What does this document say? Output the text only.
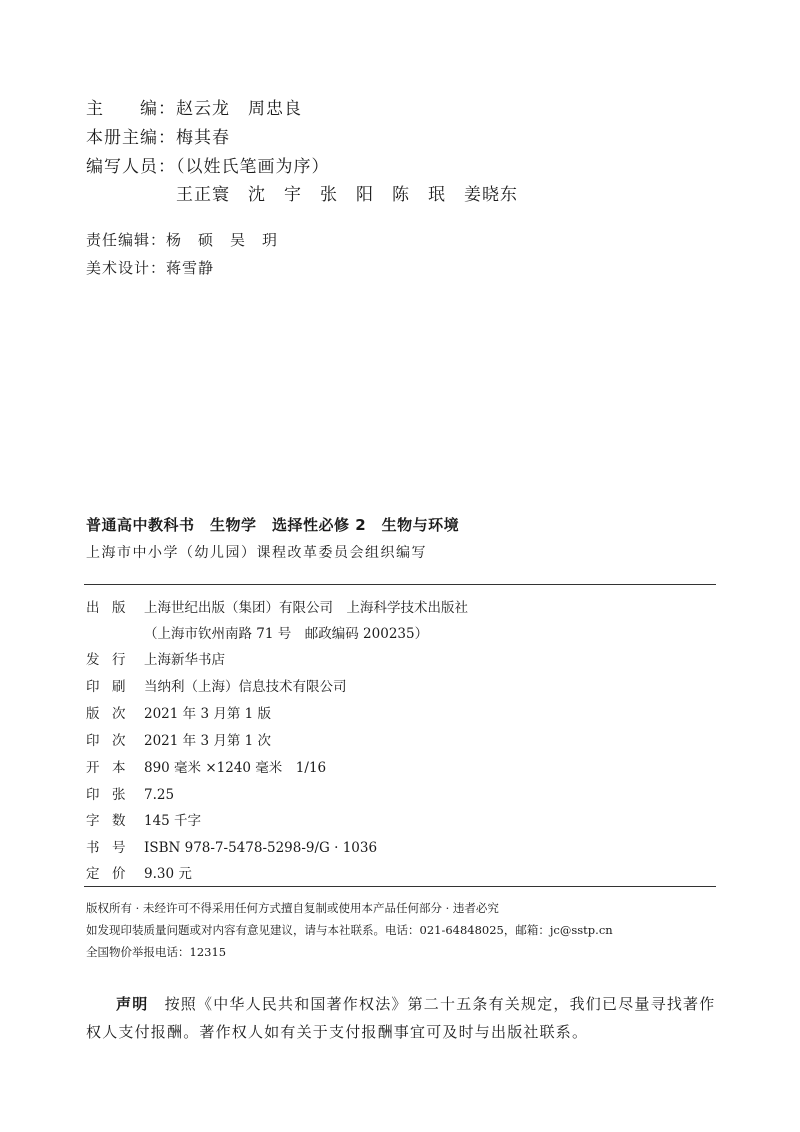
主　　编：赵云龙　周忠良
本册主编：梅其春
编写人员：（以姓氏笔画为序）
王正寰　沈　宇　张　阳　陈　珉　姜晓东
责任编辑：杨　硕　吴　玥
美术设计：蒋雪静
普通高中教科书　生物学　选择性必修 2　生物与环境
上海市中小学（幼儿园）课程改革委员会组织编写
出 版 上海世纪出版（集团）有限公司　上海科学技术出版社
（上海市钦州南路 71 号　邮政编码 200235）
发 行 上海新华书店
印 刷 当纳利（上海）信息技术有限公司
版 次 2021 年 3 月第 1 版
印 次 2021 年 3 月第 1 次
开 本 890 毫米 ×1240 毫米　1/16
印 张 7.25
字 数 145 千字
书 号 ISBN 978-7-5478-5298-9/G · 1036
定 价 9.30 元
版权所有 · 未经许可不得采用任何方式擅自复制或使用本产品任何部分 · 违者必究
如发现印装质量问题或对内容有意见建议，请与本社联系。电话：021-64848025，邮箱：jc@sstp.cn
全国物价举报电话：12315
声明　 按照《中华人民共和国著作权法》第二十五条有关规定，我们已尽量寻找著作
权人支付报酬。著作权人如有关于支付报酬事宜可及时与出版社联系。
